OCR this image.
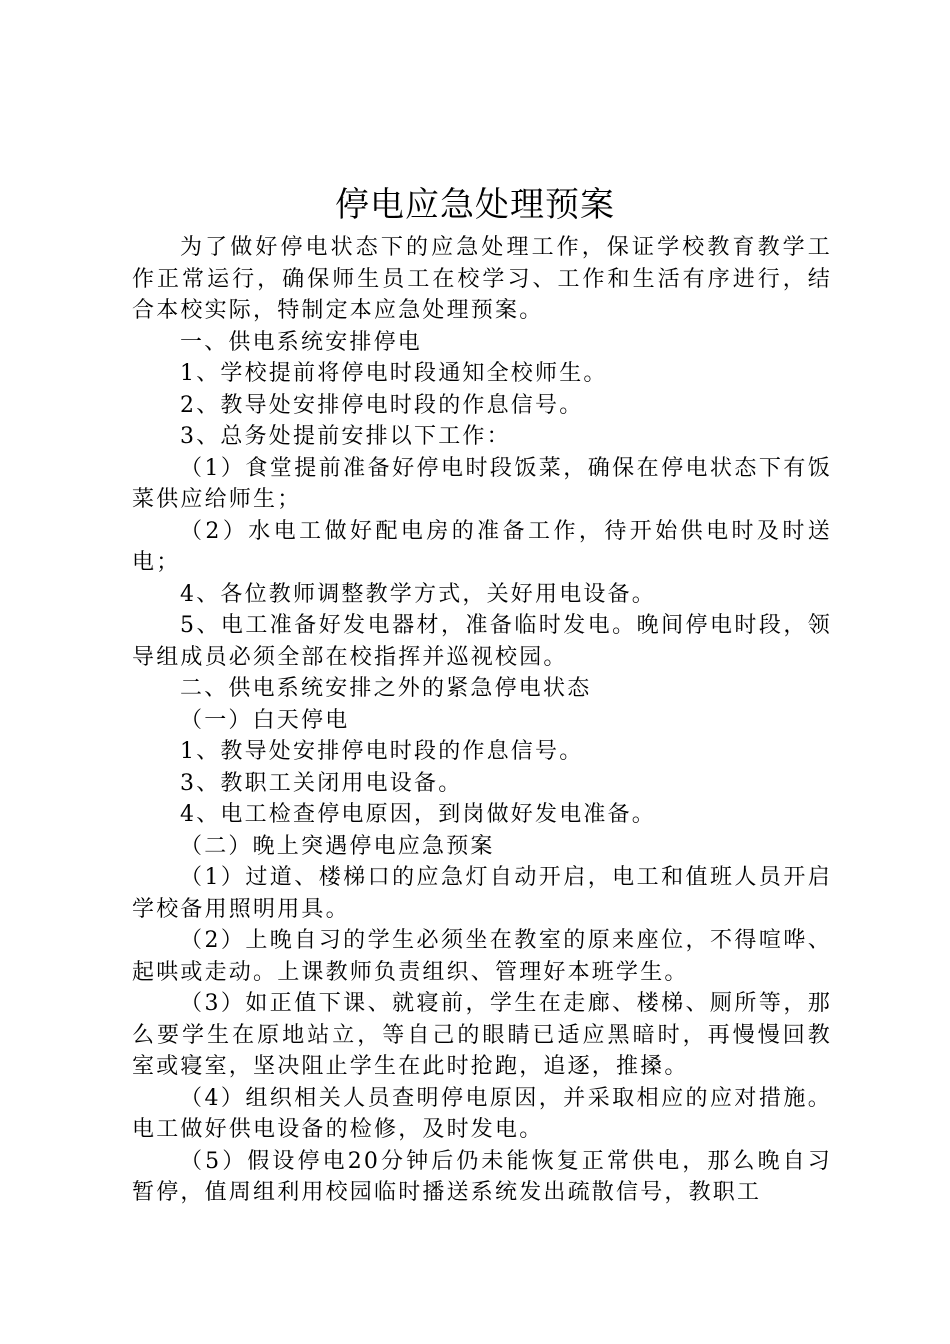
停电应急处理预案

为了做好停电状态下的应急处理工作，保证学校教育教学工作正常运行，确保师生员工在校学习、工作和生活有序进行，结合本校实际，特制定本应急处理预案。

一、供电系统安排停电

1、学校提前将停电时段通知全校师生。

2、教导处安排停电时段的作息信号。

3、总务处提前安排以下工作：

（1）食堂提前准备好停电时段饭菜，确保在停电状态下有饭菜供应给师生；

（2）水电工做好配电房的准备工作，待开始供电时及时送电；

4、各位教师调整教学方式，关好用电设备。

5、电工准备好发电器材，准备临时发电。晚间停电时段，领导组成员必须全部在校指挥并巡视校园。

二、供电系统安排之外的紧急停电状态

（一）白天停电

1、教导处安排停电时段的作息信号。

3、教职工关闭用电设备。

4、电工检查停电原因，到岗做好发电准备。

（二）晚上突遇停电应急预案

（1）过道、楼梯口的应急灯自动开启，电工和值班人员开启学校备用照明用具。

（2）上晚自习的学生必须坐在教室的原来座位，不得喧哗、起哄或走动。上课教师负责组织、管理好本班学生。

（3）如正值下课、就寝前，学生在走廊、楼梯、厕所等，那么要学生在原地站立，等自己的眼睛已适应黑暗时，再慢慢回教室或寝室，坚决阻止学生在此时抢跑，追逐，推搡。

（4）组织相关人员查明停电原因，并采取相应的应对措施。电工做好供电设备的检修，及时发电。

（5）假设停电20分钟后仍未能恢复正常供电，那么晚自习暂停，值周组利用校园临时播送系统发出疏散信号，教职工
